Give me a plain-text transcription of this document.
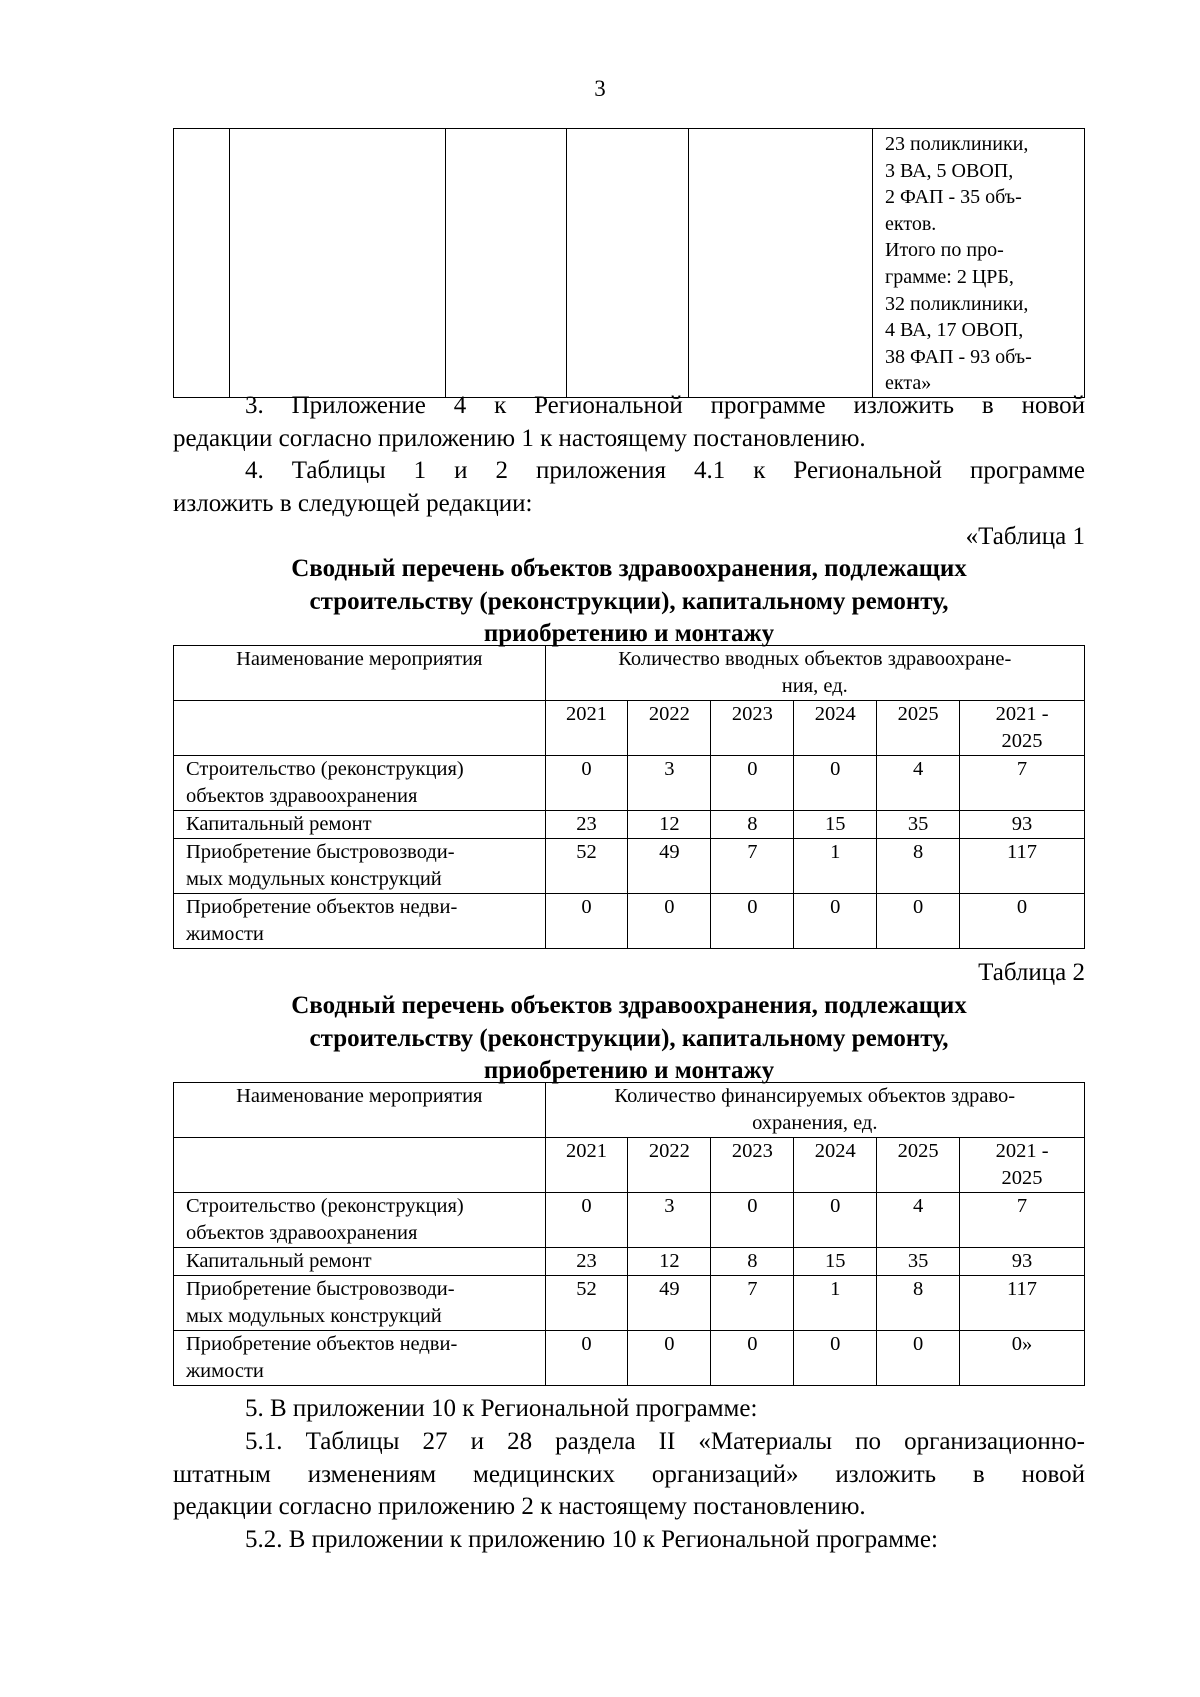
3

23 поликлиники,
3 ВА, 5 ОВОП,
2 ФАП - 35 объ-
ектов.
Итого по про-
грамме: 2 ЦРБ,
32 поликлиники,
4 ВА, 17 ОВОП,
38 ФАП - 93 объ-
екта»
3. Приложение 4 к Региональной программе изложить в новой
редакции согласно приложению 1 к настоящему постановлению.
4. Таблицы 1 и 2 приложения 4.1 к Региональной программе
изложить в следующей редакции:
«Таблица 1
Сводный перечень объектов здравоохранения, подлежащих
строительству (реконструкции), капитальному ремонту,
приобретению и монтажу
Наименование мероприятия	Количество вводных объектов здравоохране-
ния, ед.					

	2021	2022	2023	2024	2025	2021 -
2025

Строительство (реконструкция)
объектов здравоохранения	0	3	0	0	4	7
Капитальный ремонт	23	12	8	15	35	93

Приобретение быстровозводи-
мых модульных конструкций	52	49	7	1	8	117

Приобретение объектов недви-
жимости	0	0	0	0	0	0
Таблица 2
Сводный перечень объектов здравоохранения, подлежащих
строительству (реконструкции), капитальному ремонту,
приобретению и монтажу
Наименование мероприятия	Количество финансируемых объектов здраво-
охранения, ед.					

	2021	2022	2023	2024	2025	2021 -
2025

Строительство (реконструкция)
объектов здравоохранения	0	3	0	0	4	7
Капитальный ремонт	23	12	8	15	35	93

Приобретение быстровозводи-
мых модульных конструкций	52	49	7	1	8	117

Приобретение объектов недви-
жимости	0	0	0	0	0	0»
5. В приложении 10 к Региональной программе:
5.1. Таблицы 27 и 28 раздела II «Материалы по организационно-
штатным изменениям медицинских организаций» изложить в новой
редакции согласно приложению 2 к настоящему постановлению.
5.2. В приложении к приложению 10 к Региональной программе:
